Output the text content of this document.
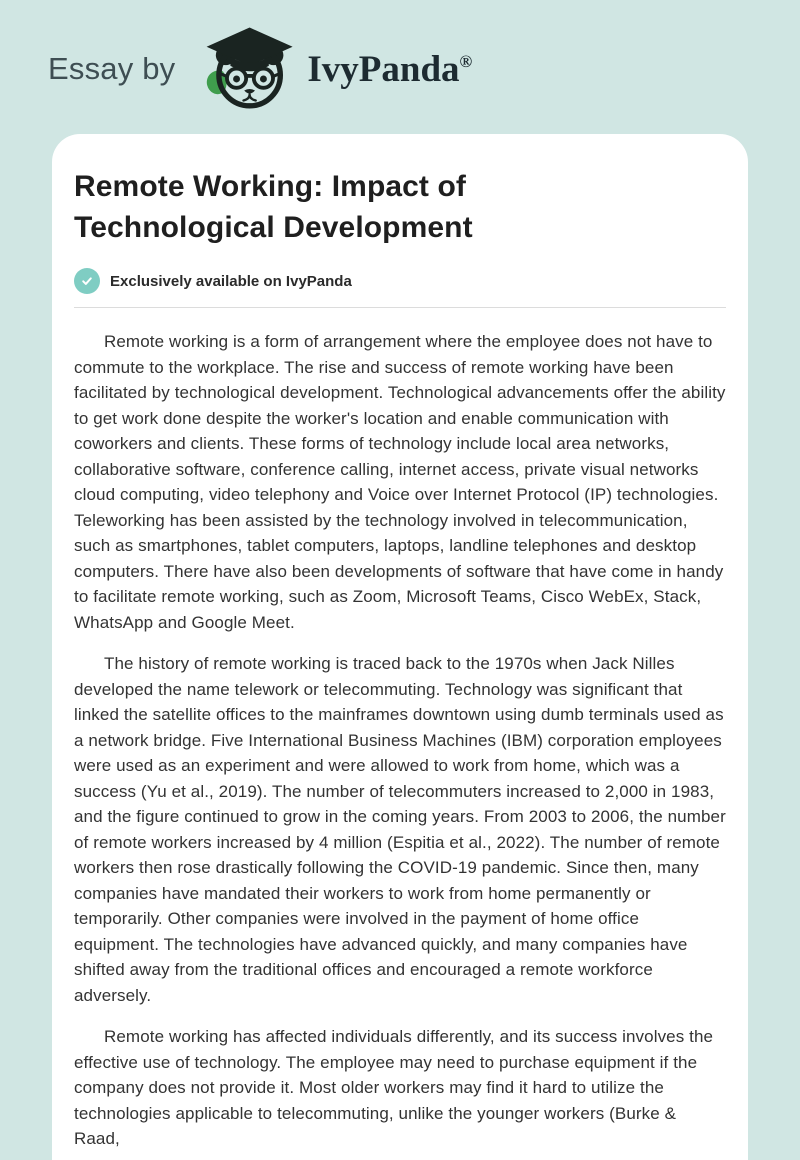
Essay by	IvyPanda®
Remote Working: Impact of Technological Development
Exclusively available on IvyPanda

Remote working is a form of arrangement where the employee does not have to commute to the workplace. The rise and success of remote working have been facilitated by technological development. Technological advancements offer the ability to get work done despite the worker's location and enable communication with coworkers and clients. These forms of technology include local area networks, collaborative software, conference calling, internet access, private visual networks cloud computing, video telephony and Voice over Internet Protocol (IP) technologies. Teleworking has been assisted by the technology involved in telecommunication, such as smartphones, tablet computers, laptops, landline telephones and desktop computers. There have also been developments of software that have come in handy to facilitate remote working, such as Zoom, Microsoft Teams, Cisco WebEx, Stack, WhatsApp and Google Meet.

The history of remote working is traced back to the 1970s when Jack Nilles developed the name telework or telecommuting. Technology was significant that linked the satellite offices to the mainframes downtown using dumb terminals used as a network bridge. Five International Business Machines (IBM) corporation employees were used as an experiment and were allowed to work from home, which was a success (Yu et al., 2019). The number of telecommuters increased to 2,000 in 1983, and the figure continued to grow in the coming years. From 2003 to 2006, the number of remote workers increased by 4 million (Espitia et al., 2022). The number of remote workers then rose drastically following the COVID-19 pandemic. Since then, many companies have mandated their workers to work from home permanently or temporarily. Other companies were involved in the payment of home office equipment. The technologies have advanced quickly, and many companies have shifted away from the traditional offices and encouraged a remote workforce adversely.

Remote working has affected individuals differently, and its success involves the effective use of technology. The employee may need to purchase equipment if the company does not provide it. Most older workers may find it hard to utilize the technologies applicable to telecommuting, unlike the younger workers (Burke & Raad,
